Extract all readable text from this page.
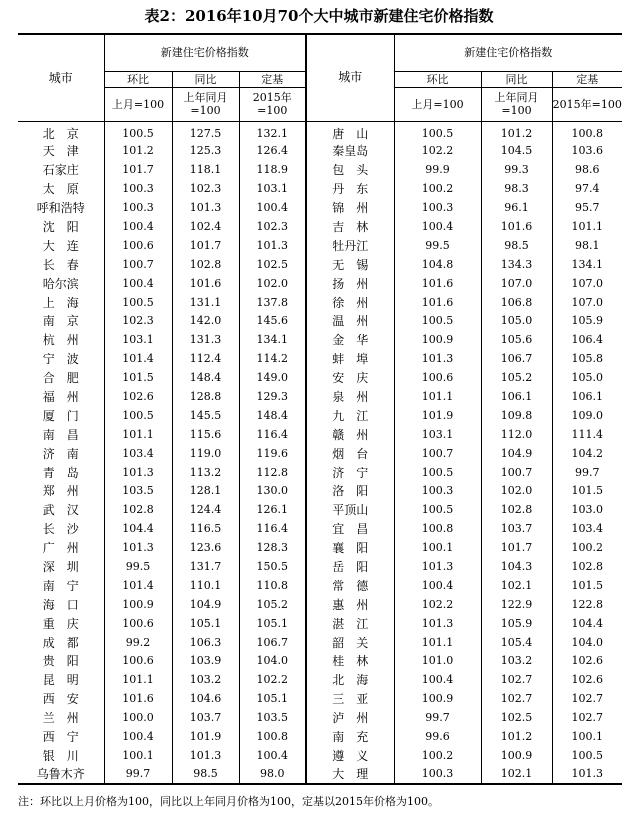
表2：2016年10月70个大中城市新建住宅价格指数
城市	新建住宅价格指数			城市	新建住宅价格指数		
	环比	同比	定基		环比	同比	定基
	上月=100	上年同月=100	2015年=100		上月=100	上年同月=100	2015年=100
北　京	100.5	127.5	132.1	唐　山	100.5	101.2	100.8
天　津	101.2	125.3	126.4	秦皇岛	102.2	104.5	103.6
石家庄	101.7	118.1	118.9	包　头	99.9	99.3	98.6
太　原	100.3	102.3	103.1	丹　东	100.2	98.3	97.4
呼和浩特	100.3	101.3	100.4	锦　州	100.3	96.1	95.7
沈　阳	100.4	102.4	102.3	吉　林	100.4	101.6	101.1
大　连	100.6	101.7	101.3	牡丹江	99.5	98.5	98.1
长　春	100.7	102.8	102.5	无　锡	104.8	134.3	134.1
哈尔滨	100.4	101.6	102.0	扬　州	101.6	107.0	107.0
上　海	100.5	131.1	137.8	徐　州	101.6	106.8	107.0
南　京	102.3	142.0	145.6	温　州	100.5	105.0	105.9
杭　州	103.1	131.3	134.1	金　华	100.9	105.6	106.4
宁　波	101.4	112.4	114.2	蚌　埠	101.3	106.7	105.8
合　肥	101.5	148.4	149.0	安　庆	100.6	105.2	105.0
福　州	102.6	128.8	129.3	泉　州	101.1	106.1	106.1
厦　门	100.5	145.5	148.4	九　江	101.9	109.8	109.0
南　昌	101.1	115.6	116.4	赣　州	103.1	112.0	111.4
济　南	103.4	119.0	119.6	烟　台	100.7	104.9	104.2
青　岛	101.3	113.2	112.8	济　宁	100.5	100.7	99.7
郑　州	103.5	128.1	130.0	洛　阳	100.3	102.0	101.5
武　汉	102.8	124.4	126.1	平顶山	100.5	102.8	103.0
长　沙	104.4	116.5	116.4	宜　昌	100.8	103.7	103.4
广　州	101.3	123.6	128.3	襄　阳	100.1	101.7	100.2
深　圳	99.5	131.7	150.5	岳　阳	101.3	104.3	102.8
南　宁	101.4	110.1	110.8	常　德	100.4	102.1	101.5
海　口	100.9	104.9	105.2	惠　州	102.2	122.9	122.8
重　庆	100.6	105.1	105.1	湛　江	101.3	105.9	104.4
成　都	99.2	106.3	106.7	韶　关	101.1	105.4	104.0
贵　阳	100.6	103.9	104.0	桂　林	101.0	103.2	102.6
昆　明	101.1	103.2	102.2	北　海	100.4	102.7	102.6
西　安	101.6	104.6	105.1	三　亚	100.9	102.7	102.7
兰　州	100.0	103.7	103.5	泸　州	99.7	102.5	102.7
西　宁	100.4	101.9	100.8	南　充	99.6	101.2	100.1
银　川	100.1	101.3	100.4	遵　义	100.2	100.9	100.5
乌鲁木齐	99.7	98.5	98.0	大　理	100.3	102.1	101.3
注：环比以上月价格为100，同比以上年同月价格为100，定基以2015年价格为100。
